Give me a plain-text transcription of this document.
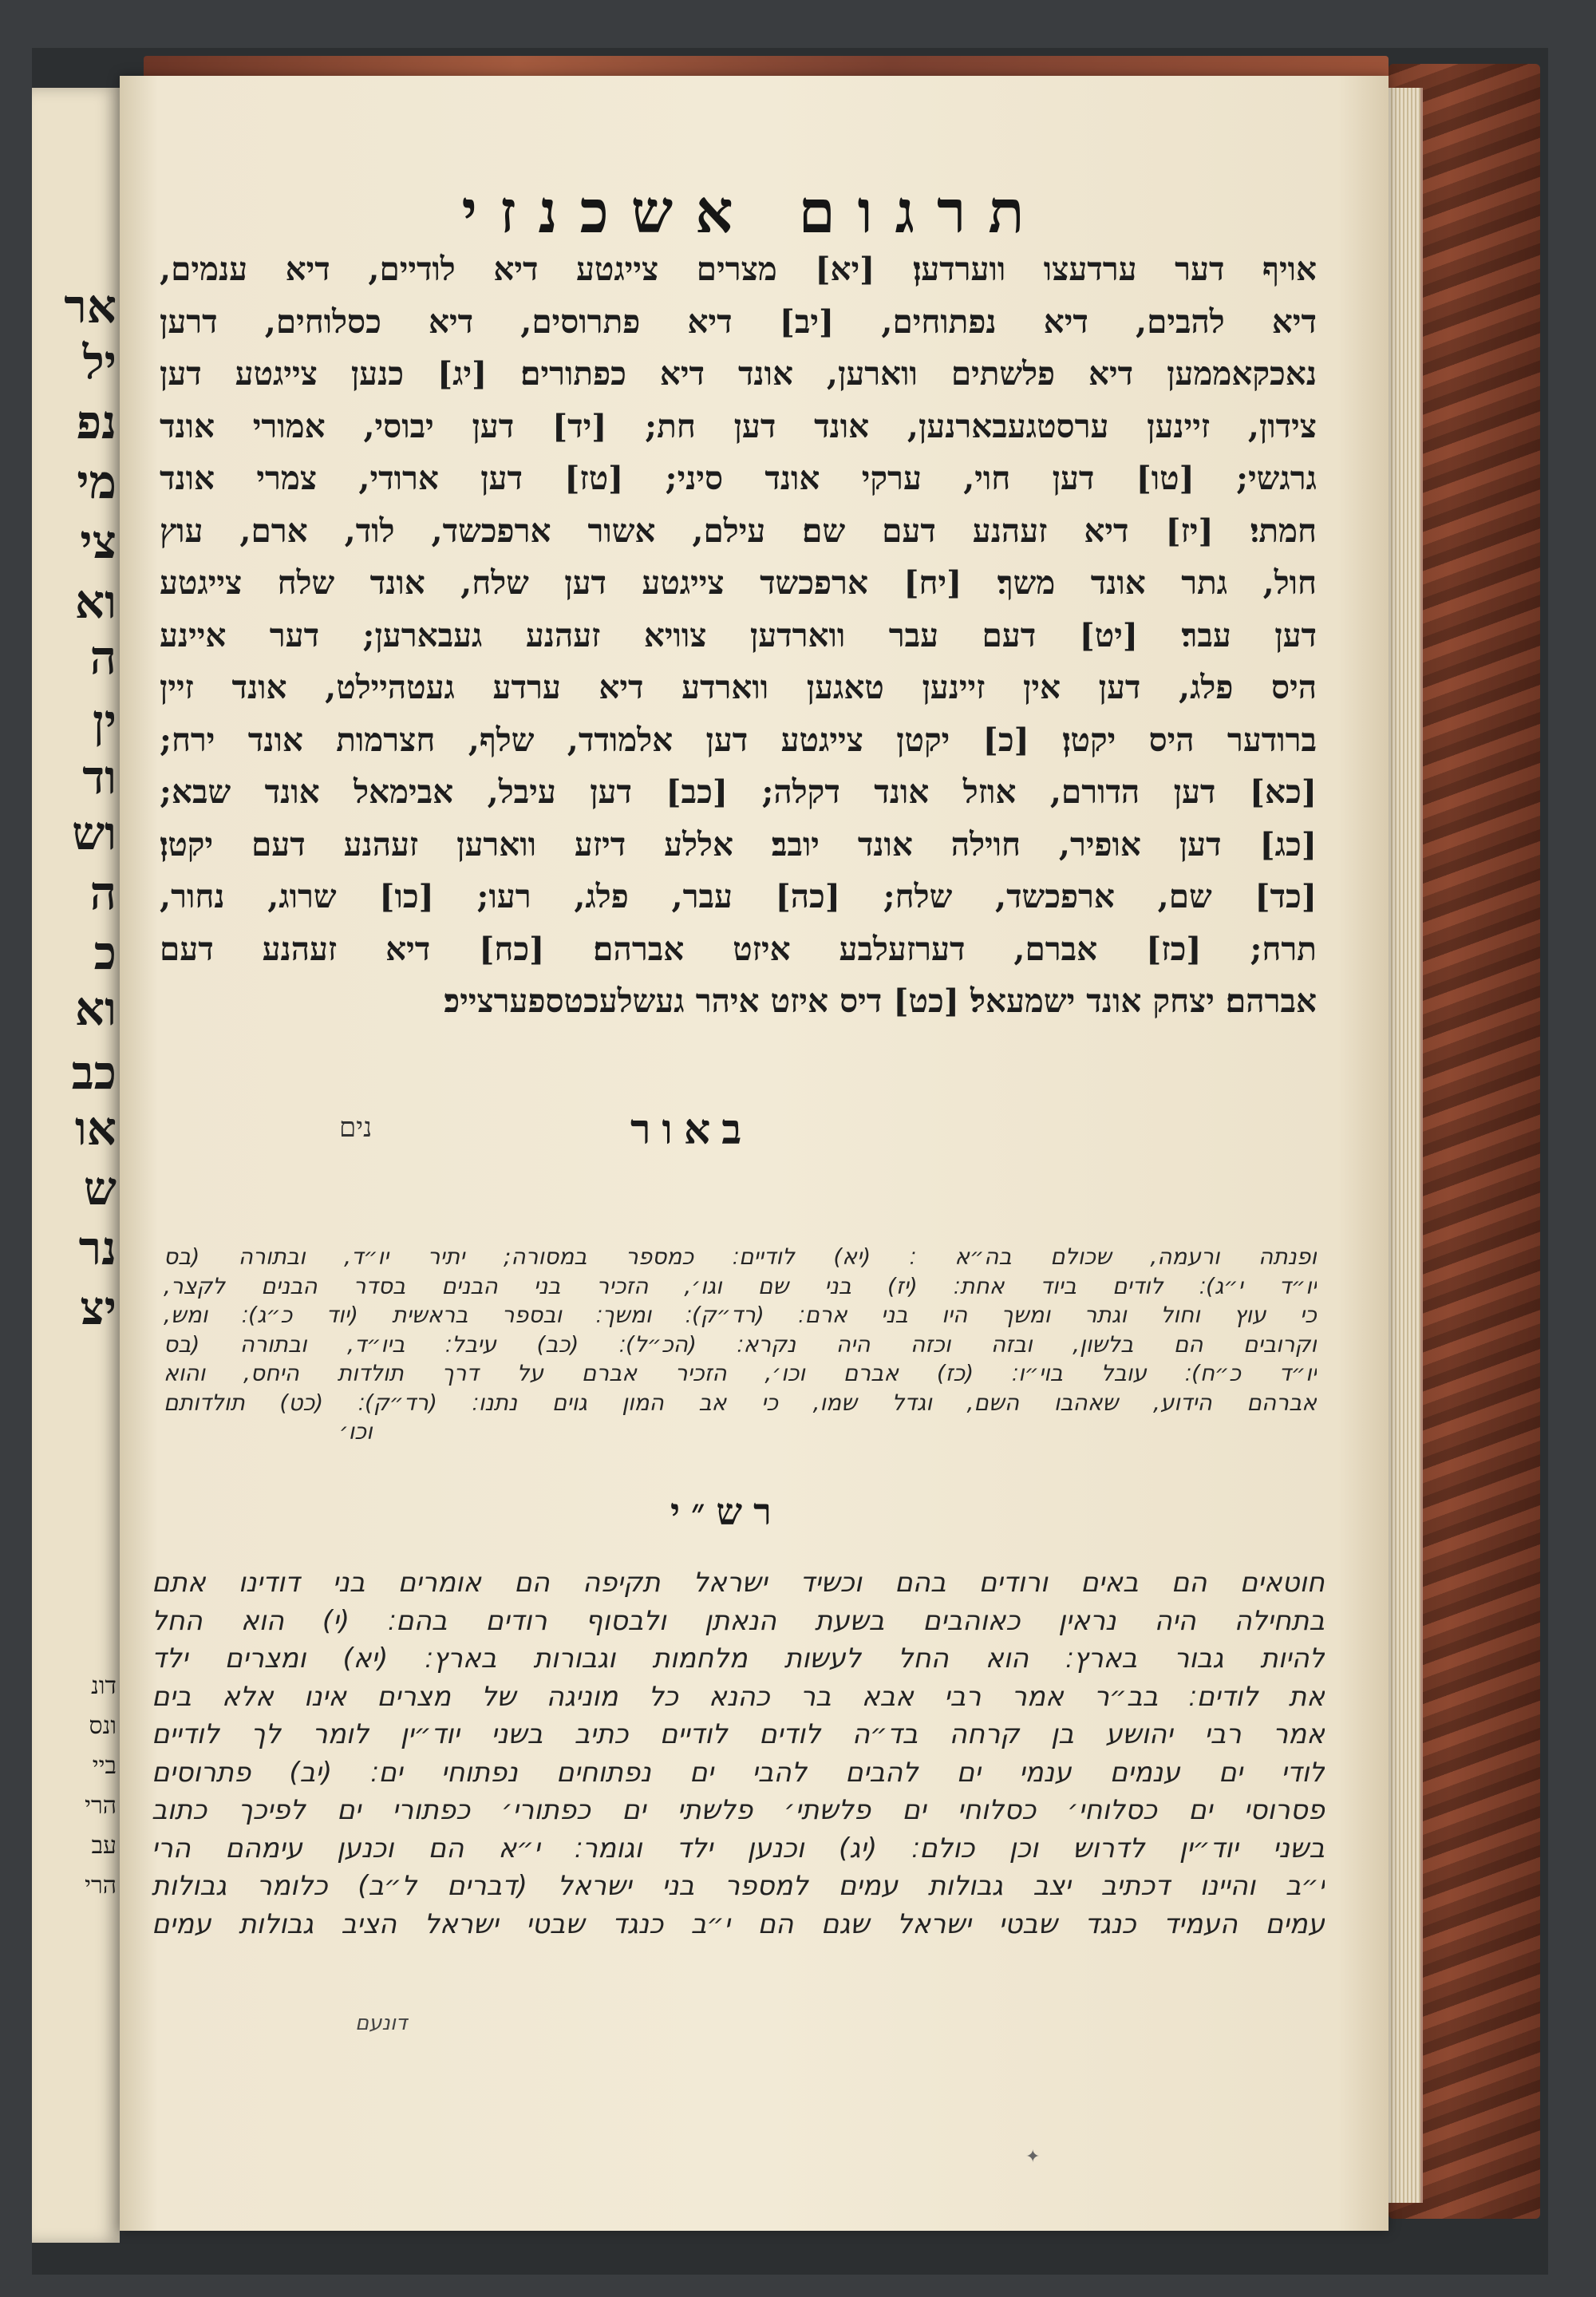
אר
יל
נפ
מי
צי
וא
ה
ין
וד
וש
ה
כ
וא
כב
או
ש
נר
יצ
דונ
ונס
ביי
הרי
עב
הרי
תרגום אשכנזי
אויף דער ערדעצו ווערדען׃ [יא] מצרים צייגטע דיא לודיים, דיא ענמים,
דיא להבים, דיא נפתוחים, [יב] דיא פתרוסים, דיא כסלוחים, דרען
נאכקאממען דיא פלשתים ווארען, אונד דיא כפתורים׃ [יג] כנען צייגטע דען
צידון, זיינען ערסטגעבארנען, אונד דען חת; [יד] דען יבוסי, אמורי אונד
גרגשי; [טו] דען חוי, ערקי אונד סיני; [טז] דען ארודי, צמרי אונד
חמתי׃ [יז] דיא זעהנע דעם שם׃ עילם, אשור ארפכשד, לוד, ארם, עוץ
חול, גתר אונד משך׃ [יח] ארפכשד צייגטע דען שלח, אונד שלח צייגטע
דען עבר׃ [יט] דעם עבר ווארדען צוויא זעהנע געבארען; דער איינע
היס פלג, דען אין זיינען טאגען ווארדע דיא ערדע געטהיילט, אונד זיין
ברודער היס יקטן׃ [כ] יקטן צייגטע דען אלמודד, שלף, חצרמות אונד ירח;
[כא] דען הדורם, אוזל אונד דקלה; [כב] דען עיבל, אבימאל אונד שבא;
[כג] דען אופיר, חוילה אונד יובב׃ אללע דיזע ווארען זעהנע דעם יקטן׃
[כד] שם, ארפכשד, שלח; [כה] עבר, פלג, רעו; [כו] שרוג, נחור,
תרח; [כז] אברם, דערזעלבע איזט אברהם׃ [כח] דיא זעהנע דעם
אברהם׃ יצחק אונד ישמעאל׃ [כט] דיס איזט איהר געשלעכטספערצייכ׃
באור
נים
ופנתה ורעמה, שכולם בה״א ׃ (יא) לודיים׃ כמספר במסורה; יתיר יו״ד, ובתורה (בס
יו״ד י״ג)׃ לודים ביוד אחת׃ (יז) בני שם וגו׳, הזכיר בני הבנים בסדר הבנים לקצר,
כי עוץ וחול וגתר ומשך היו בני ארם׃ (רד״ק)׃ ומשך׃ ובספר בראשית (יוד כ״ג)׃ ומש,
וקרובים הם בלשון, ובזה וכזה היה נקרא׃ (הכ״ל)׃ (כב) עיבל׃ ביו״ד, ובתורה (בס
יו״ד כ״ח)׃ עובל בוי״ו׃ (כז) אברם וכו׳, הזכיר אברם על דרך תולדות היחס, והוא
אברהם הידוע, שאהבו השם, וגדל שמו, כי אב המון גוים נתנו׃ (רד״ק)׃ (כט) תולדותם
וכו׳
רש״י
חוטאים הם באים ורודים בהם וכשיד ישראל תקיפה הם אומרים בני דודינו אתם
בתחילה היה נראין כאוהבים בשעת הנאתן ולבסוף רודים בהם׃ (י) הוא החל
להיות גבור בארץ׃ הוא החל לעשות מלחמות וגבורות בארץ׃ (יא) ומצרים ילד
את לודים׃ בב״ר אמר רבי אבא בר כהנא כל מוניגה של מצרים אינו אלא בים
אמר רבי יהושע בן קרחה בד״ה לודים לודיים כתיב בשני יוד״ין לומר לך לודיים
לודי ים ענמים ענמי ים להבים להבי ים נפתוחים נפתוחי ים׃ (יב) פתרוסים
פסרוסי ים כסלוחי׳ כסלוחי ים פלשתי׳ פלשתי ים כפתורי׳ כפתורי ים לפיכך כתוב
בשני יוד״ין לדרוש וכן כולם׃ (יג) וכנען ילד וגומר׃ י״א הם וכנען עימהם הרי
י״ב והיינו דכתיב יצב גבולות עמים למספר בני ישראל (דברים ל״ב) כלומר גבולות
עמים העמיד כנגד שבטי ישראל שגם הם י״ב כנגד שבטי ישראל הציב גבולות עמים
דונעם
✦
